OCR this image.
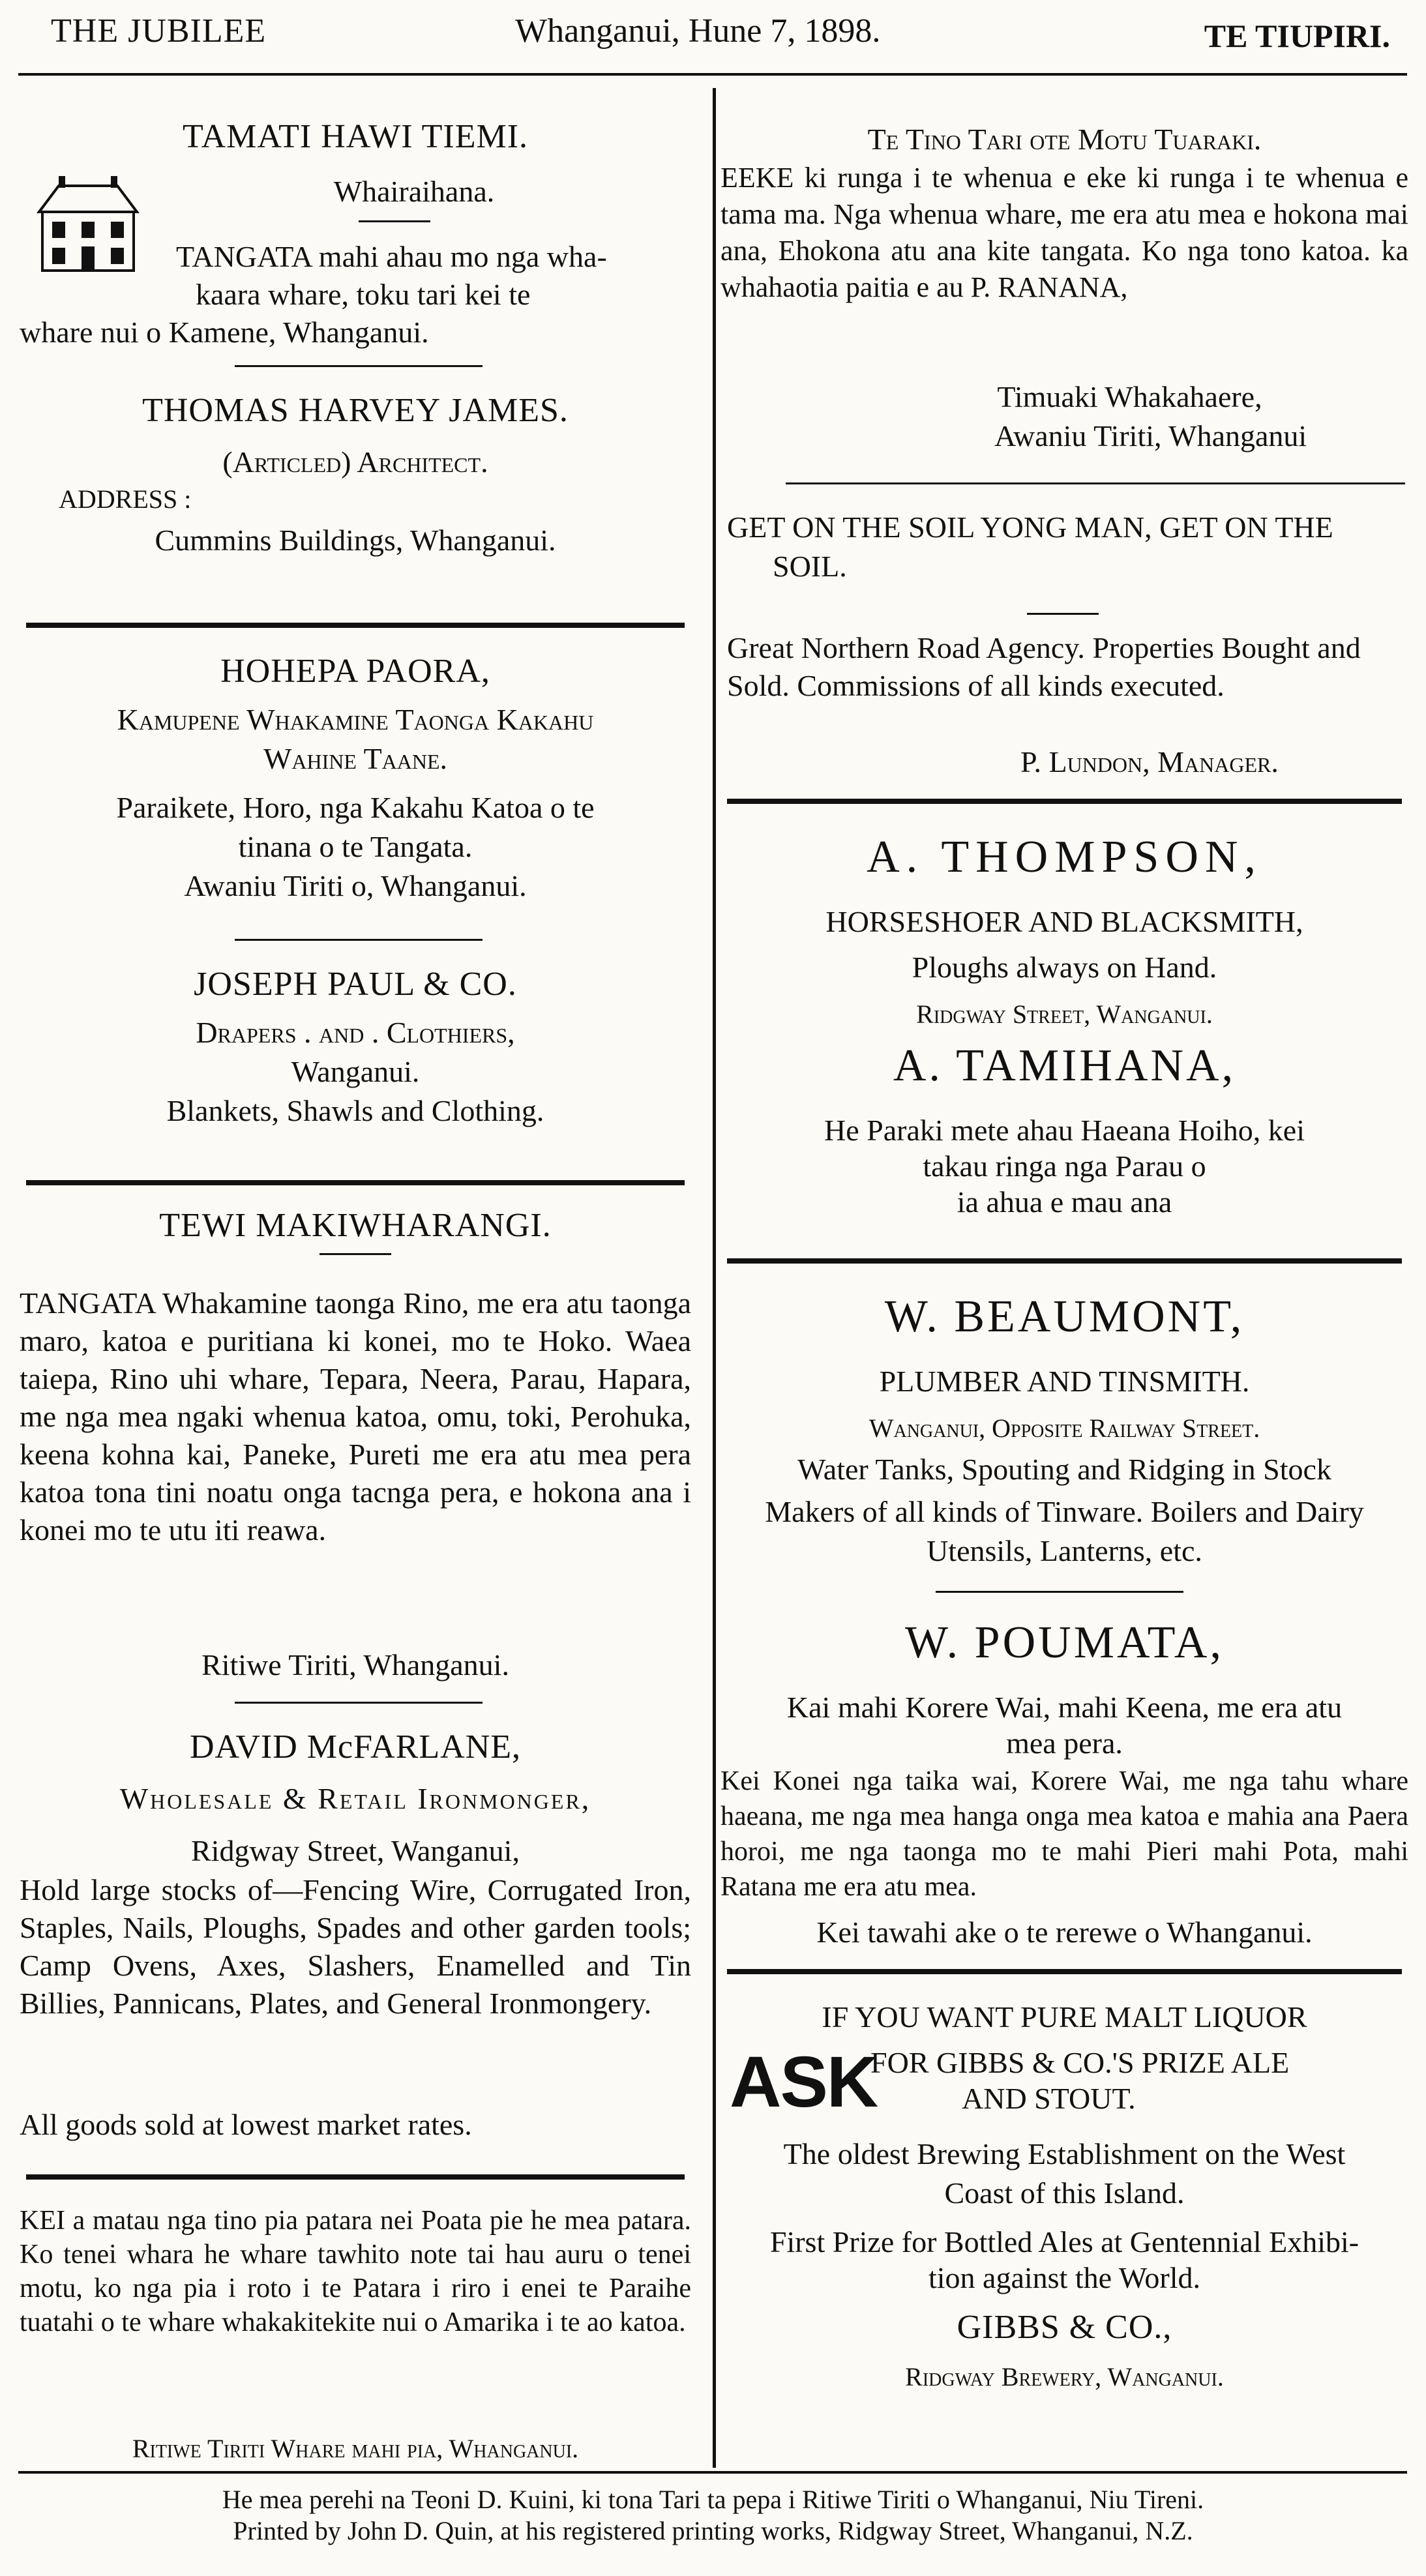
THE JUBILEE	Whanganui, Hune 7, 1898.	TE TIUPIRI.
TAMATI HAWI TIEMI.
Whairaihana.
TANGATA mahi ahau mo nga wha-
kaara whare, toku tari kei te
whare nui o Kamene, Whanganui.
THOMAS HARVEY JAMES.
(Articled) Architect.
ADDRESS :
Cummins Buildings, Whanganui.
HOHEPA PAORA,
Kamupene Whakamine Taonga Kakahu
Wahine Taane.
Paraikete, Horo, nga Kakahu Katoa o te
tinana o te Tangata.
Awaniu Tiriti o, Whanganui.
JOSEPH PAUL & CO.
Drapers . and . Clothiers,
Wanganui.
Blankets, Shawls and Clothing.
TEWI MAKIWHARANGI.
TANGATA Whakamine taonga Rino, me era atu taonga maro, katoa e puritiana ki konei, mo te Hoko. Waea taiepa, Rino uhi whare, Tepara, Neera, Parau, Hapara, me nga mea ngaki whenua katoa, omu, toki, Perohuka, keena kohna kai, Paneke, Pureti me era atu mea pera katoa tona tini noatu onga tacnga pera, e hokona ana i konei mo te utu iti reawa.
Ritiwe Tiriti, Whanganui.
DAVID McFARLANE,
Wholesale & Retail Ironmonger,
Ridgway Street, Wanganui,
Hold large stocks of—Fencing Wire, Corrugated Iron, Staples, Nails, Ploughs, Spades and other garden tools; Camp Ovens, Axes, Slashers, Enamelled and Tin Billies, Pannicans, Plates, and General Ironmongery.
All goods sold at lowest market rates.
KEI a matau nga tino pia patara nei Poata pie he mea patara. Ko tenei whara he whare tawhito note tai hau auru o tenei motu, ko nga pia i roto i te Patara i riro i enei te Paraihe tuatahi o te whare whakakitekite nui o Amarika i te ao katoa.
Ritiwe Tiriti Whare mahi pia, Whanganui.
Te Tino Tari ote Motu Tuaraki.
EEKE ki runga i te whenua e eke ki runga i te whenua e tama ma. Nga whenua whare, me era atu mea e hokona mai ana, Ehokona atu ana kite tangata. Ko nga tono katoa. ka whahaotia paitia e au P. RANANA,
Timuaki Whakahaere,
Awaniu Tiriti, Whanganui
GET ON THE SOIL YONG MAN, GET ON THE
SOIL.
Great Northern Road Agency. Properties Bought and Sold. Commissions of all kinds executed.
P. Lundon, Manager.
A. THOMPSON,
HORSESHOER AND BLACKSMITH,
Ploughs always on Hand.
Ridgway Street, Wanganui.
A. TAMIHANA,
He Paraki mete ahau Haeana Hoiho, kei
takau ringa nga Parau o
ia ahua e mau ana
W. BEAUMONT,
PLUMBER AND TINSMITH.
Wanganui, Opposite Railway Street.
Water Tanks, Spouting and Ridging in Stock
Makers of all kinds of Tinware. Boilers and Dairy
Utensils, Lanterns, etc.
W. POUMATA,
Kai mahi Korere Wai, mahi Keena, me era atu
mea pera.
Kei Konei nga taika wai, Korere Wai, me nga tahu whare haeana, me nga mea hanga onga mea katoa e mahia ana Paera horoi, me nga taonga mo te mahi Pieri mahi Pota, mahi Ratana me era atu mea.
Kei tawahi ake o te rerewe o Whanganui.
IF YOU WANT PURE MALT LIQUOR
ASK
FOR GIBBS & CO.'S PRIZE ALE
AND STOUT.
The oldest Brewing Establishment on the West
Coast of this Island.
First Prize for Bottled Ales at Gentennial Exhibi-
tion against the World.
GIBBS & CO.,
Ridgway Brewery, Wanganui.
He mea perehi na Teoni D. Kuini, ki tona Tari ta pepa i Ritiwe Tiriti o Whanganui, Niu Tireni.
Printed by John D. Quin, at his registered printing works, Ridgway Street, Whanganui, N.Z.
